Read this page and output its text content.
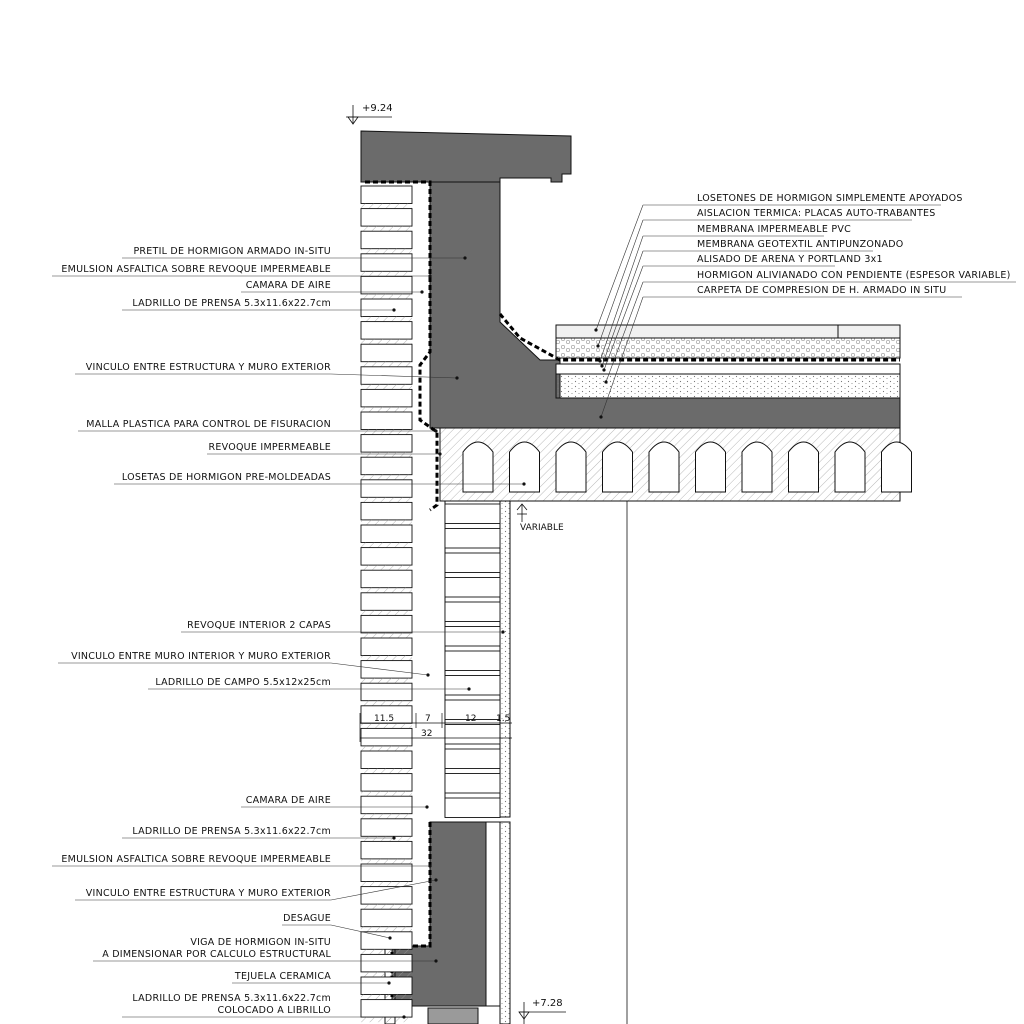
+9.24
+7.28
VARIABLE
11.5	7	12 1.5
32
LOSETONES DE HORMIGON SIMPLEMENTE APOYADOS
AISLACION TERMICA: PLACAS AUTO-TRABANTES
MEMBRANA IMPERMEABLE PVC
MEMBRANA GEOTEXTIL ANTIPUNZONADO
ALISADO DE ARENA Y PORTLAND 3x1
HORMIGON ALIVIANADO CON PENDIENTE (ESPESOR VARIABLE)
CARPETA DE COMPRESION DE H. ARMADO IN SITU
PRETIL DE HORMIGON ARMADO IN-SITU
EMULSION ASFALTICA SOBRE REVOQUE IMPERMEABLE
CAMARA DE AIRE
LADRILLO DE PRENSA 5.3x11.6x22.7cm
VINCULO ENTRE ESTRUCTURA Y MURO EXTERIOR
MALLA PLASTICA PARA CONTROL DE FISURACION
REVOQUE IMPERMEABLE
LOSETAS DE HORMIGON PRE-MOLDEADAS
REVOQUE INTERIOR 2 CAPAS
VINCULO ENTRE MURO INTERIOR Y MURO EXTERIOR
LADRILLO DE CAMPO 5.5x12x25cm
CAMARA DE AIRE
LADRILLO DE PRENSA 5.3x11.6x22.7cm
EMULSION ASFALTICA SOBRE REVOQUE IMPERMEABLE
VINCULO ENTRE ESTRUCTURA Y MURO EXTERIOR
DESAGUE
VIGA DE HORMIGON IN-SITU
A DIMENSIONAR POR CALCULO ESTRUCTURAL
TEJUELA CERAMICA
LADRILLO DE PRENSA 5.3x11.6x22.7cm
COLOCADO A LIBRILLO
